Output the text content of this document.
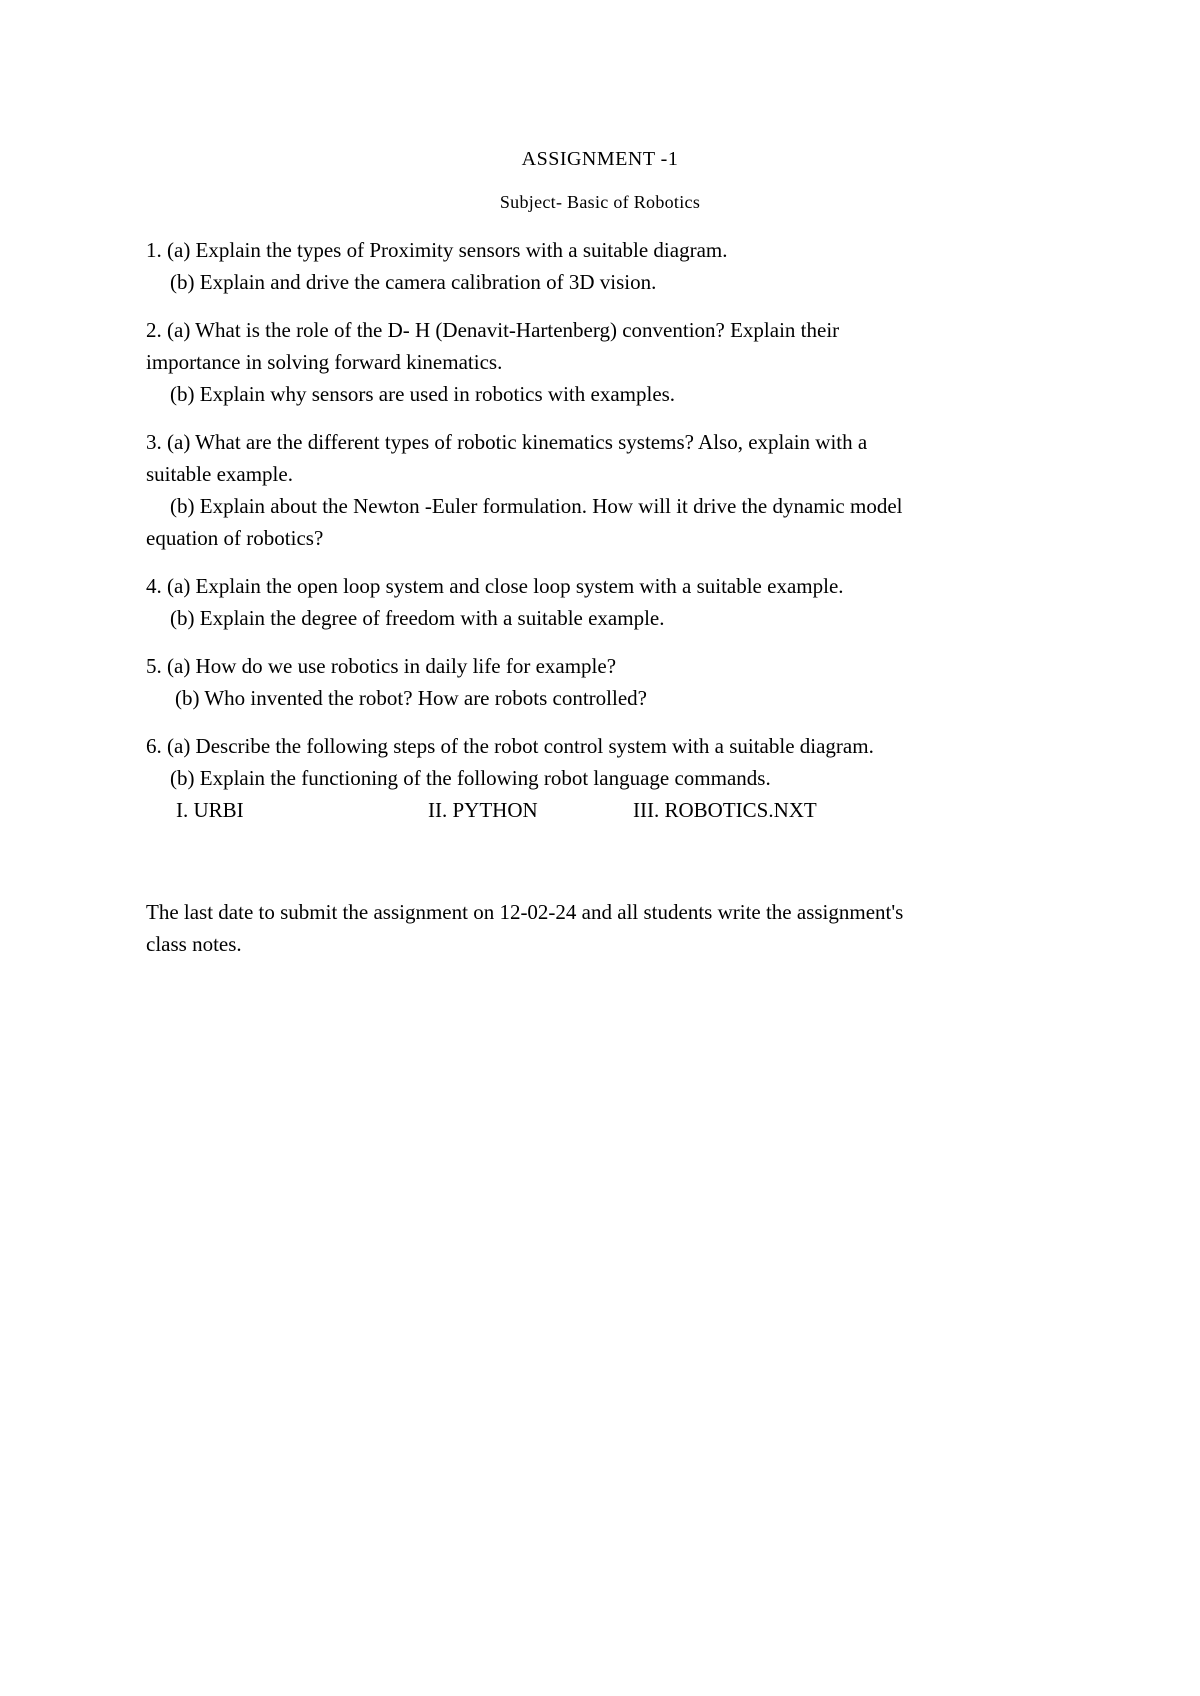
ASSIGNMENT -1
Subject- Basic of Robotics
1. (a) Explain the types of Proximity sensors with a suitable diagram.
(b) Explain and drive the camera calibration of 3D vision.
2. (a) What is the role of the D- H (Denavit-Hartenberg) convention? Explain their
importance in solving forward kinematics.
(b) Explain why sensors are used in robotics with examples.
3. (a) What are the different types of robotic kinematics systems? Also, explain with a
suitable example.
(b) Explain about the Newton -Euler formulation. How will it drive the dynamic model
equation of robotics?
4. (a) Explain the open loop system and close loop system with a suitable example.
(b) Explain the degree of freedom with a suitable example.
5. (a) How do we use robotics in daily life for example?
(b) Who invented the robot? How are robots controlled?
6. (a) Describe the following steps of the robot control system with a suitable diagram.
(b) Explain the functioning of the following robot language commands.
I. URBI	II. PYTHON	III. ROBOTICS.NXT
The last date to submit the assignment on 12-02-24 and all students write the assignment's
class notes.
